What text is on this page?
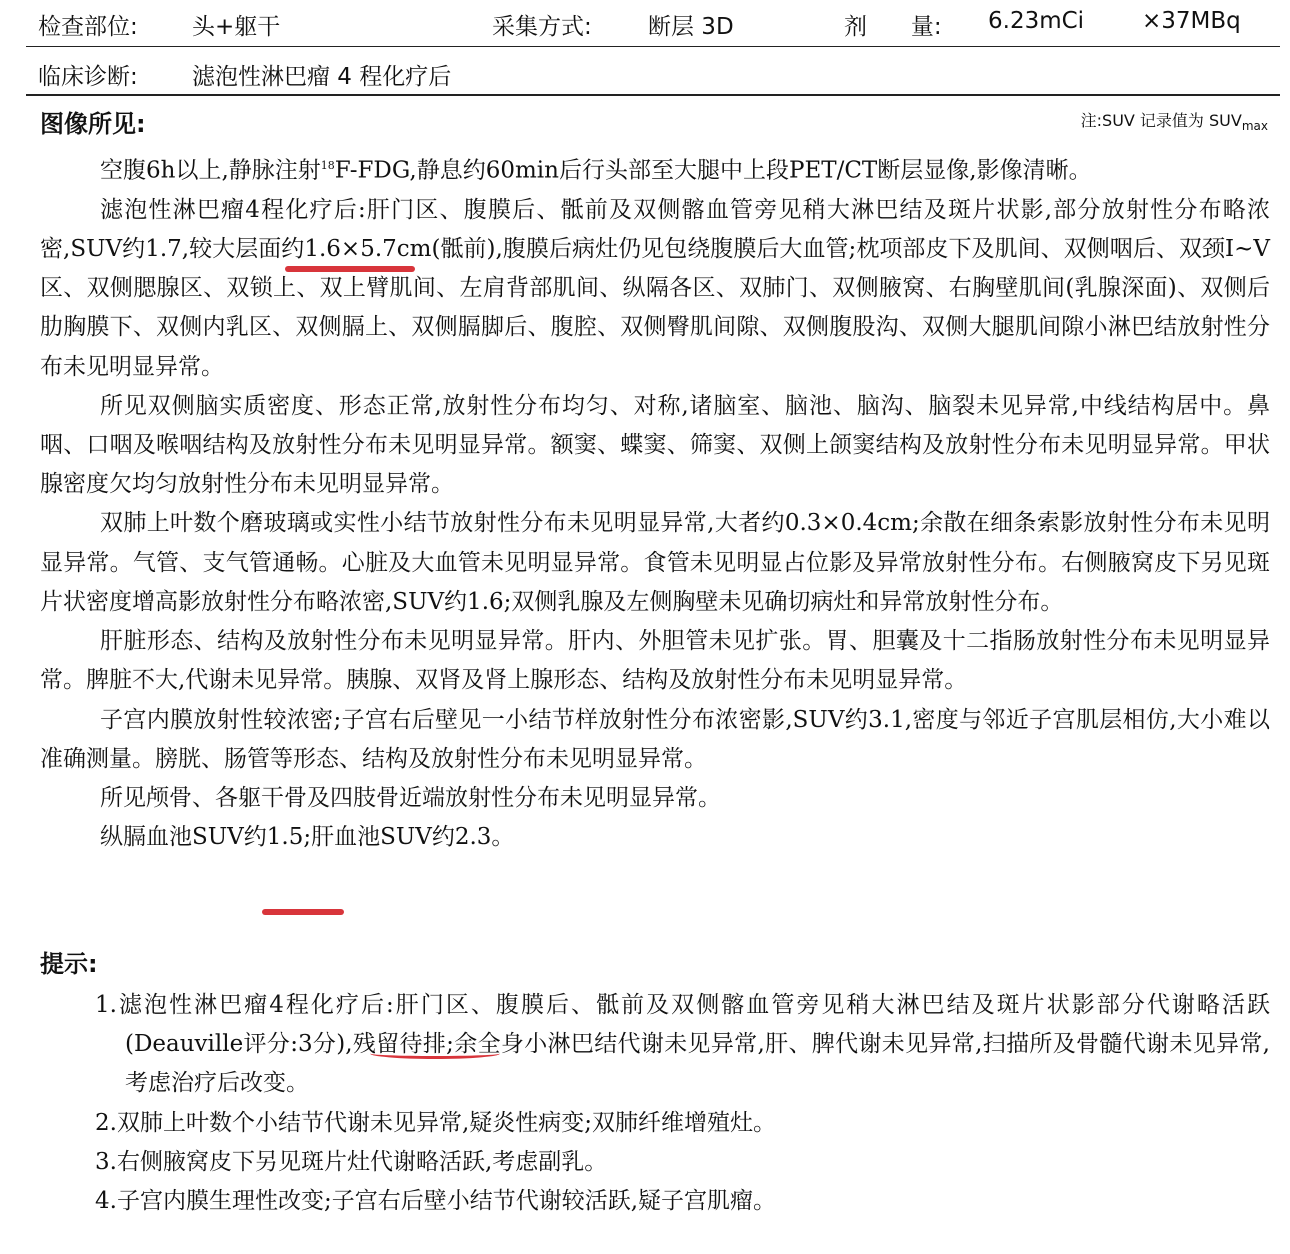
检查部位: 头+躯干	采集方式: 断层 3D	剂      量: 6.23mCi	×37MBq
临床诊断: 滤泡性淋巴瘤 4 程化疗后
图像所见:	注:SUV 记录值为 $SUV_{max}$

空腹6h以上,静脉注射$^{18}$F-FDG,静息约60min后行头部至大腿中上段PET/CT断层显像,影像清晰。

滤泡性淋巴瘤4程化疗后:肝门区、腹膜后、骶前及双侧髂血管旁见稍大淋巴结及斑片状影,部分放射性分布略浓密,SUV约1.7,较大层面约1.6×5.7cm(骶前),腹膜后病灶仍见包绕腹膜后大血管;枕项部皮下及肌间、双侧咽后、双颈I~V区、双侧腮腺区、双锁上、双上臂肌间、左肩背部肌间、纵隔各区、双肺门、双侧腋窝、右胸壁肌间(乳腺深面)、双侧后肋胸膜下、双侧内乳区、双侧膈上、双侧膈脚后、腹腔、双侧臀肌间隙、双侧腹股沟、双侧大腿肌间隙小淋巴结放射性分布未见明显异常。

所见双侧脑实质密度、形态正常,放射性分布均匀、对称,诸脑室、脑池、脑沟、脑裂未见异常,中线结构居中。鼻咽、口咽及喉咽结构及放射性分布未见明显异常。额窦、蝶窦、筛窦、双侧上颌窦结构及放射性分布未见明显异常。甲状腺密度欠均匀放射性分布未见明显异常。

双肺上叶数个磨玻璃或实性小结节放射性分布未见明显异常,大者约0.3×0.4cm;余散在细条索影放射性分布未见明显异常。气管、支气管通畅。心脏及大血管未见明显异常。食管未见明显占位影及异常放射性分布。右侧腋窝皮下另见斑片状密度增高影放射性分布略浓密,SUV约1.6;双侧乳腺及左侧胸壁未见确切病灶和异常放射性分布。

肝脏形态、结构及放射性分布未见明显异常。肝内、外胆管未见扩张。胃、胆囊及十二指肠放射性分布未见明显异常。脾脏不大,代谢未见异常。胰腺、双肾及肾上腺形态、结构及放射性分布未见明显异常。

子宫内膜放射性较浓密;子宫右后壁见一小结节样放射性分布浓密影,SUV约3.1,密度与邻近子宫肌层相仿,大小难以准确测量。膀胱、肠管等形态、结构及放射性分布未见明显异常。

所见颅骨、各躯干骨及四肢骨近端放射性分布未见明显异常。

纵膈血池SUV约1.5;肝血池SUV约2.3。

提示:

1.滤泡性淋巴瘤4程化疗后:肝门区、腹膜后、骶前及双侧髂血管旁见稍大淋巴结及斑片状影部分代谢略活跃(Deauville评分:3分),残留待排;余全身小淋巴结代谢未见异常,肝、脾代谢未见异常,扫描所及骨髓代谢未见异常,考虑治疗后改变。

2.双肺上叶数个小结节代谢未见异常,疑炎性病变;双肺纤维增殖灶。

3.右侧腋窝皮下另见斑片灶代谢略活跃,考虑副乳。

4.子宫内膜生理性改变;子宫右后壁小结节代谢较活跃,疑子宫肌瘤。
